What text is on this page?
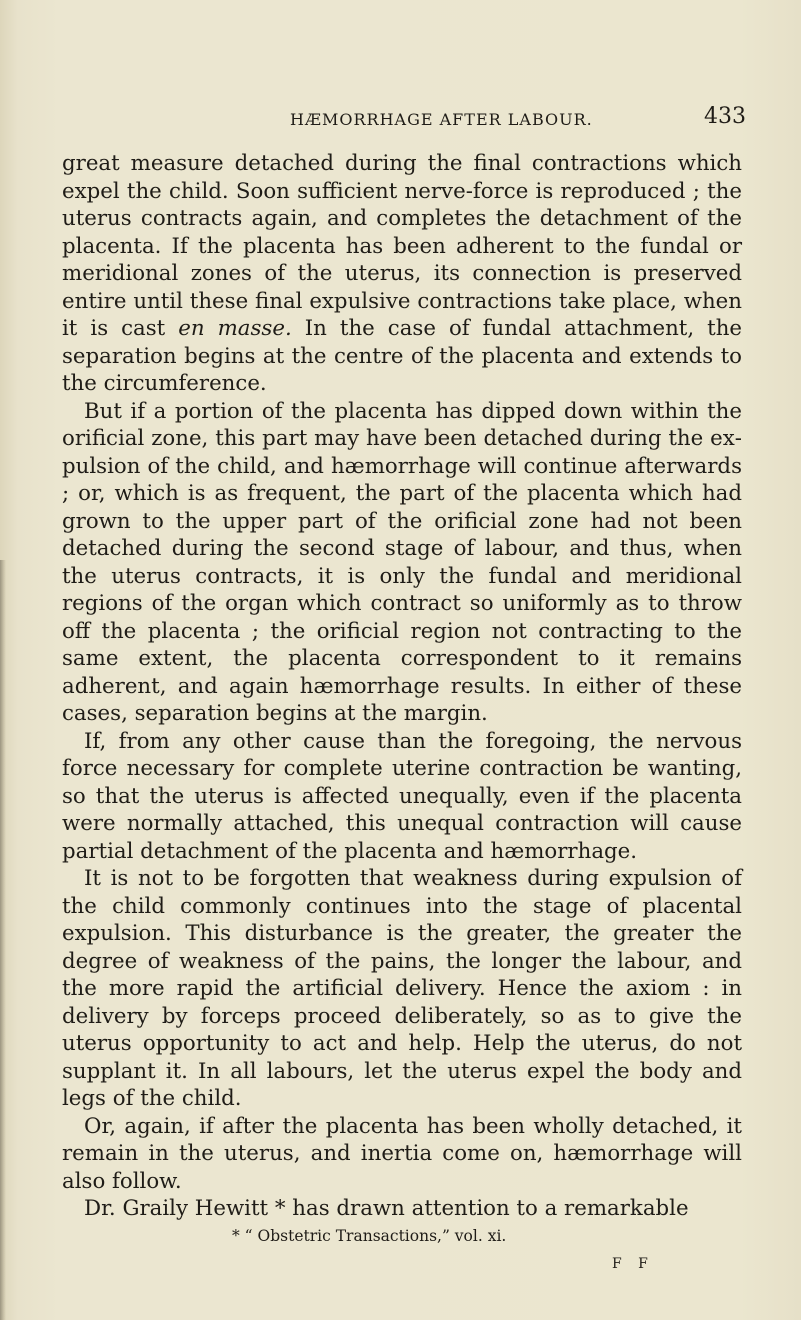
HÆMORRHAGE AFTER LABOUR.	433

great measure detached during the final contractions which expel the child. Soon sufficient nerve-force is reproduced ; the uterus contracts again, and completes the detachment of the placenta. If the placenta has been adherent to the fundal or meridional zones of the uterus, its connection is preserved entire until these final expulsive contractions take place, when it is cast en masse. In the case of fundal attachment, the separation begins at the centre of the placenta and extends to the circumference.

But if a portion of the placenta has dipped down within the orificial zone, this part may have been detached during the expulsion of the child, and hæmorrhage will continue afterwards ; or, which is as frequent, the part of the placenta which had grown to the upper part of the orificial zone had not been detached during the second stage of labour, and thus, when the uterus contracts, it is only the fundal and meridional regions of the organ which contract so uniformly as to throw off the placenta ; the orificial region not contracting to the same extent, the placenta correspondent to it remains adherent, and again hæmorrhage results. In either of these cases, separation begins at the margin.

If, from any other cause than the foregoing, the nervous force necessary for complete uterine contraction be wanting, so that the uterus is affected unequally, even if the placenta were normally attached, this unequal contraction will cause partial detachment of the placenta and hæmorrhage.

It is not to be forgotten that weakness during expulsion of the child commonly continues into the stage of placental expulsion. This disturbance is the greater, the greater the degree of weakness of the pains, the longer the labour, and the more rapid the artificial delivery. Hence the axiom : in delivery by forceps proceed deliberately, so as to give the uterus opportunity to act and help. Help the uterus, do not supplant it. In all labours, let the uterus expel the body and legs of the child.

Or, again, if after the placenta has been wholly detached, it remain in the uterus, and inertia come on, hæmorrhage will also follow.

Dr. Graily Hewitt * has drawn attention to a remarkable

* “ Obstetric Transactions,” vol. xi.
F F
